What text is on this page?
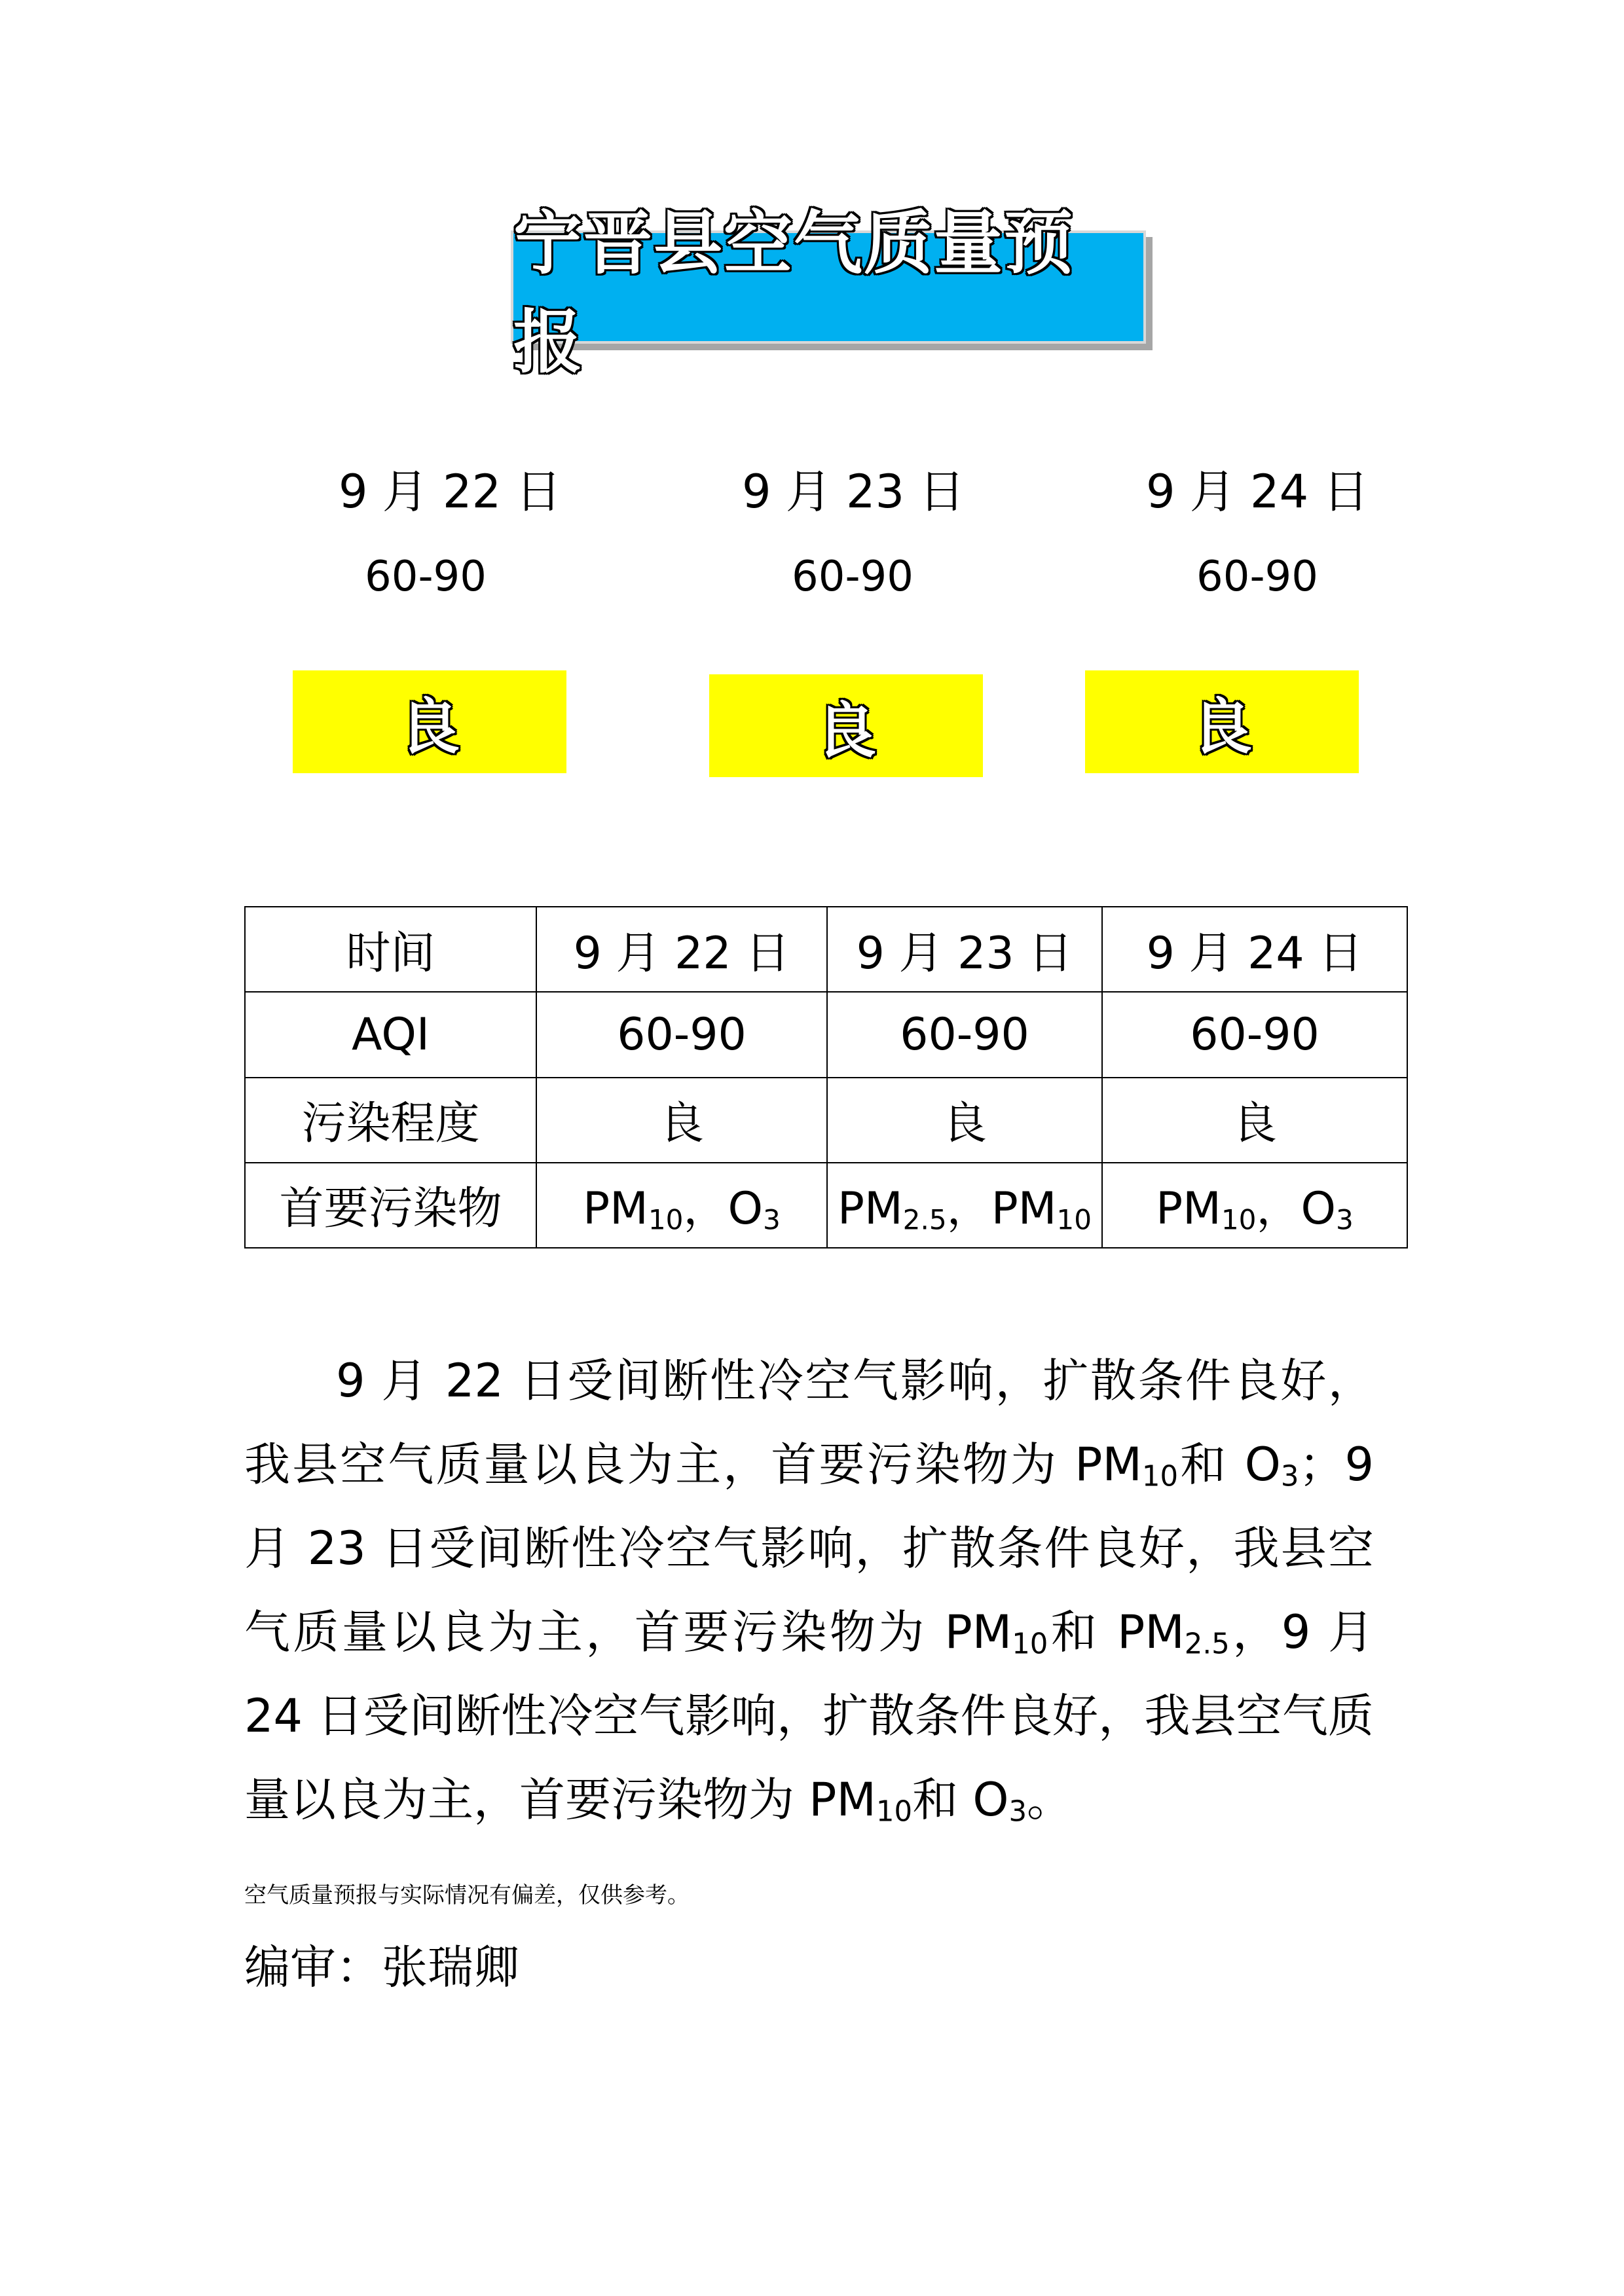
宁晋县空气质量预报
9 月 22 日	9 月 23 日	9 月 24 日
60-90	60-90	60-90
良	良	良
时间	9 月 22 日	9 月 23 日	9 月 24 日
AQI	60-90	60-90	60-90
污染程度	良	良	良
首要污染物	$PM_{10}$，$O_3$	$PM_{2.5}$，$PM_{10}$	$PM_{10}$，$O_3$

9 月 22 日受间断性冷空气影响，扩散条件良好，我县空气质量以良为主，首要污染物为 $PM_{10}$和 $O_3$；9 月 23 日受间断性冷空气影响，扩散条件良好，我县空气质量以良为主，首要污染物为 $PM_{10}$和 $PM_{2.5}$，9 月 24 日受间断性冷空气影响，扩散条件良好，我县空气质量以良为主，首要污染物为 $PM_{10}$和 $O_3$。

空气质量预报与实际情况有偏差，仅供参考。
编审：张瑞卿
